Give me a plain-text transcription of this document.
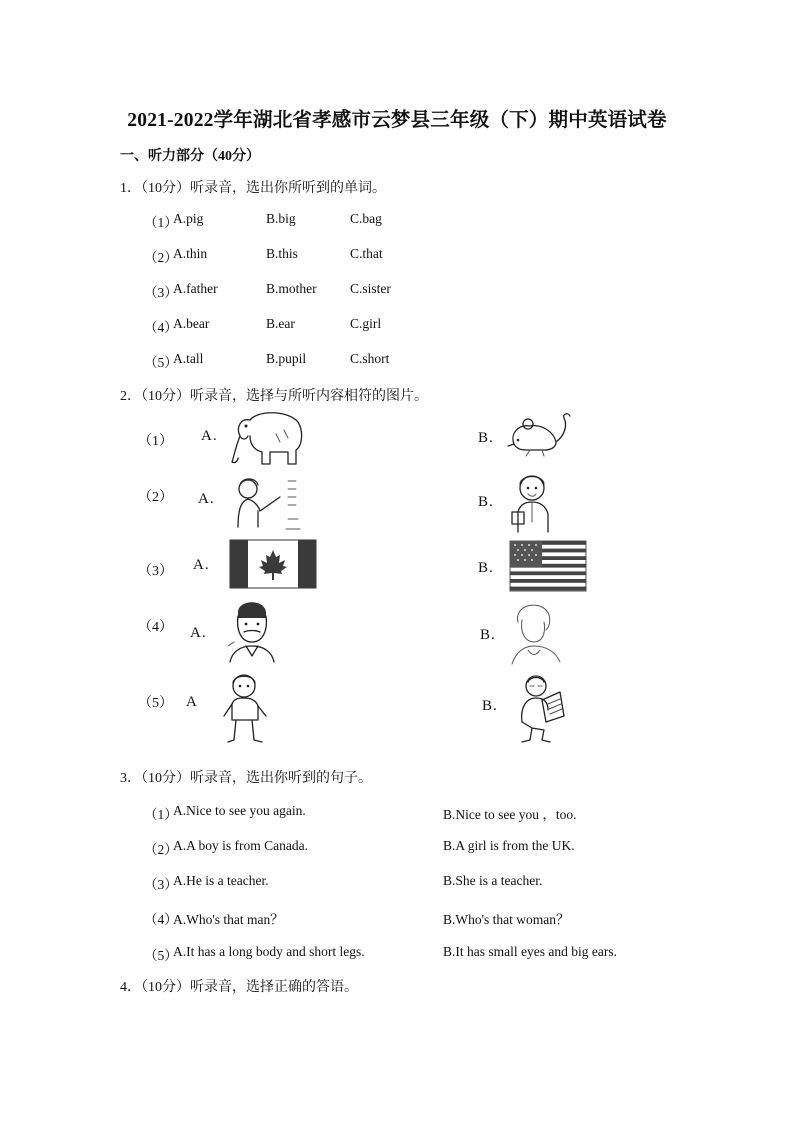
2021-2022学年湖北省孝感市云梦县三年级（下）期中英语试卷
一、听力部分（40分）
1．（10分）听录音，选出你所听到的单词。
（1）
A.pig	B.big	C.bag
（2）
A.thin	B.this	C.that
（3）
A.father	B.mother C.sister
（4）
A.bear	B.ear	C.girl
（5）
A.tall	B.pupil	C.short
2．（10分）听录音，选择与所听内容相符的图片。
（1） A.	B.
（2） A.	B.
（3） A.	B.
（4） A.	B.
（5） A	B.
3．（10分）听录音，选出你听到的句子。
（1）
A.Nice to see you again.	B.Nice to see you ，too.
（2）
A.A boy is from Canada.	B.A girl is from the UK.
（3）
A.He is a teacher.	B.She is a teacher.
（4）
A.Who's that man？	B.Who's that woman？
（5）
A.It has a long body and short legs.	B.It has small eyes and big ears.
4．（10分）听录音，选择正确的答语。
